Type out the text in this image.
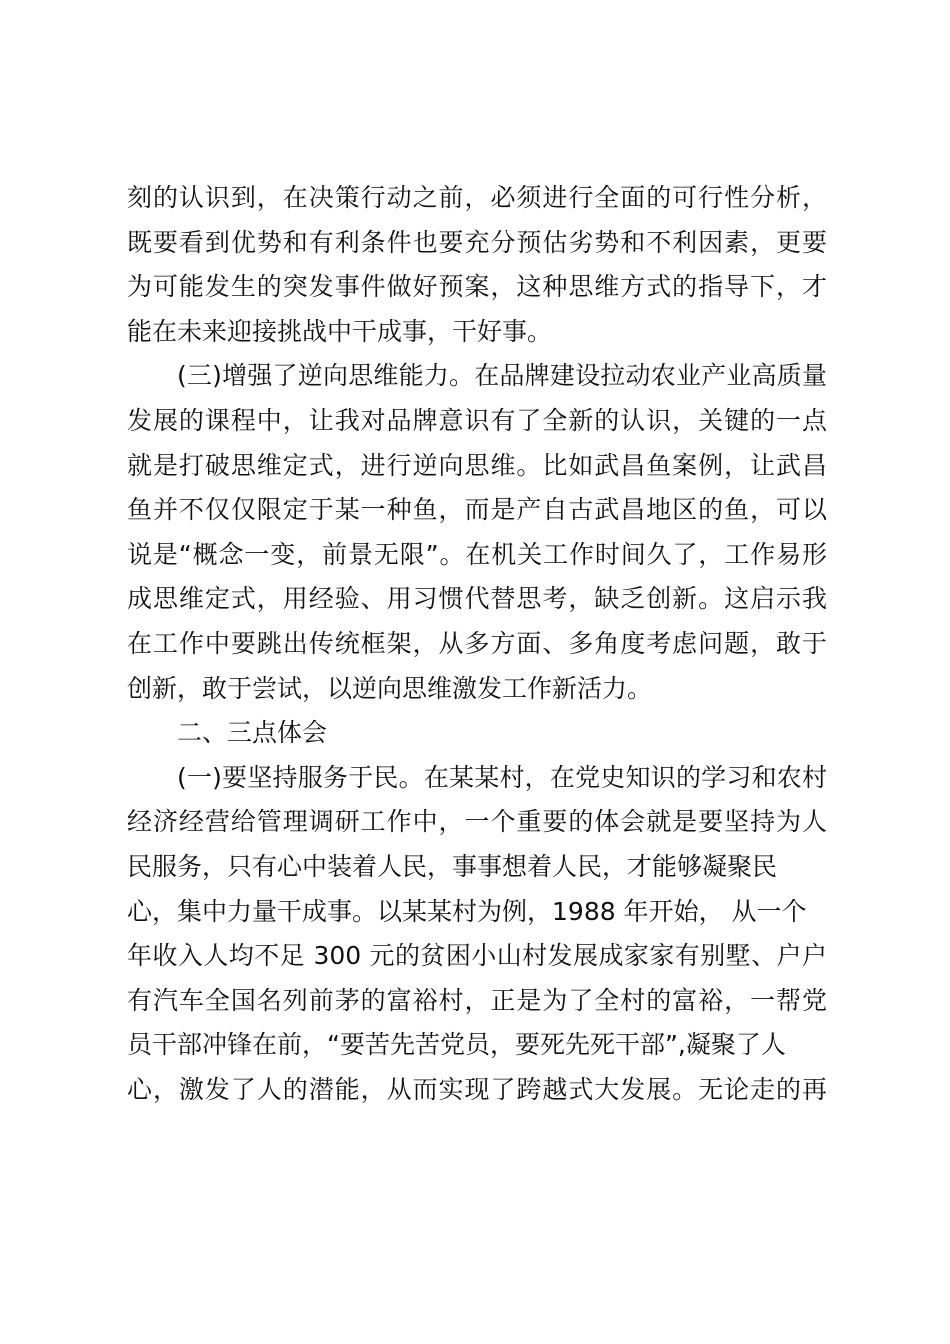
刻的认识到，在决策行动之前，必须进行全面的可行性分析，
既要看到优势和有利条件也要充分预估劣势和不利因素，更要
为可能发生的突发事件做好预案，这种思维方式的指导下，才
能在未来迎接挑战中干成事，干好事。
(三)增强了逆向思维能力。在品牌建设拉动农业产业高质量
发展的课程中，让我对品牌意识有了全新的认识，关键的一点
就是打破思维定式，进行逆向思维。比如武昌鱼案例，让武昌
鱼并不仅仅限定于某一种鱼，而是产自古武昌地区的鱼，可以
说是“概念一变，前景无限”。在机关工作时间久了，工作易形
成思维定式，用经验、用习惯代替思考，缺乏创新。这启示我
在工作中要跳出传统框架，从多方面、多角度考虑问题，敢于
创新，敢于尝试，以逆向思维激发工作新活力。
二、三点体会
(一)要坚持服务于民。在某某村，在党史知识的学习和农村
经济经营给管理调研工作中，一个重要的体会就是要坚持为人
民服务，只有心中装着人民，事事想着人民，才能够凝聚民
心，集中力量干成事。以某某村为例，1988 年开始， 从一个
年收入人均不足 300 元的贫困小山村发展成家家有别墅、户户
有汽车全国名列前茅的富裕村，正是为了全村的富裕，一帮党
员干部冲锋在前，“要苦先苦党员，要死先死干部”,凝聚了人
心，激发了人的潜能，从而实现了跨越式大发展。无论走的再
